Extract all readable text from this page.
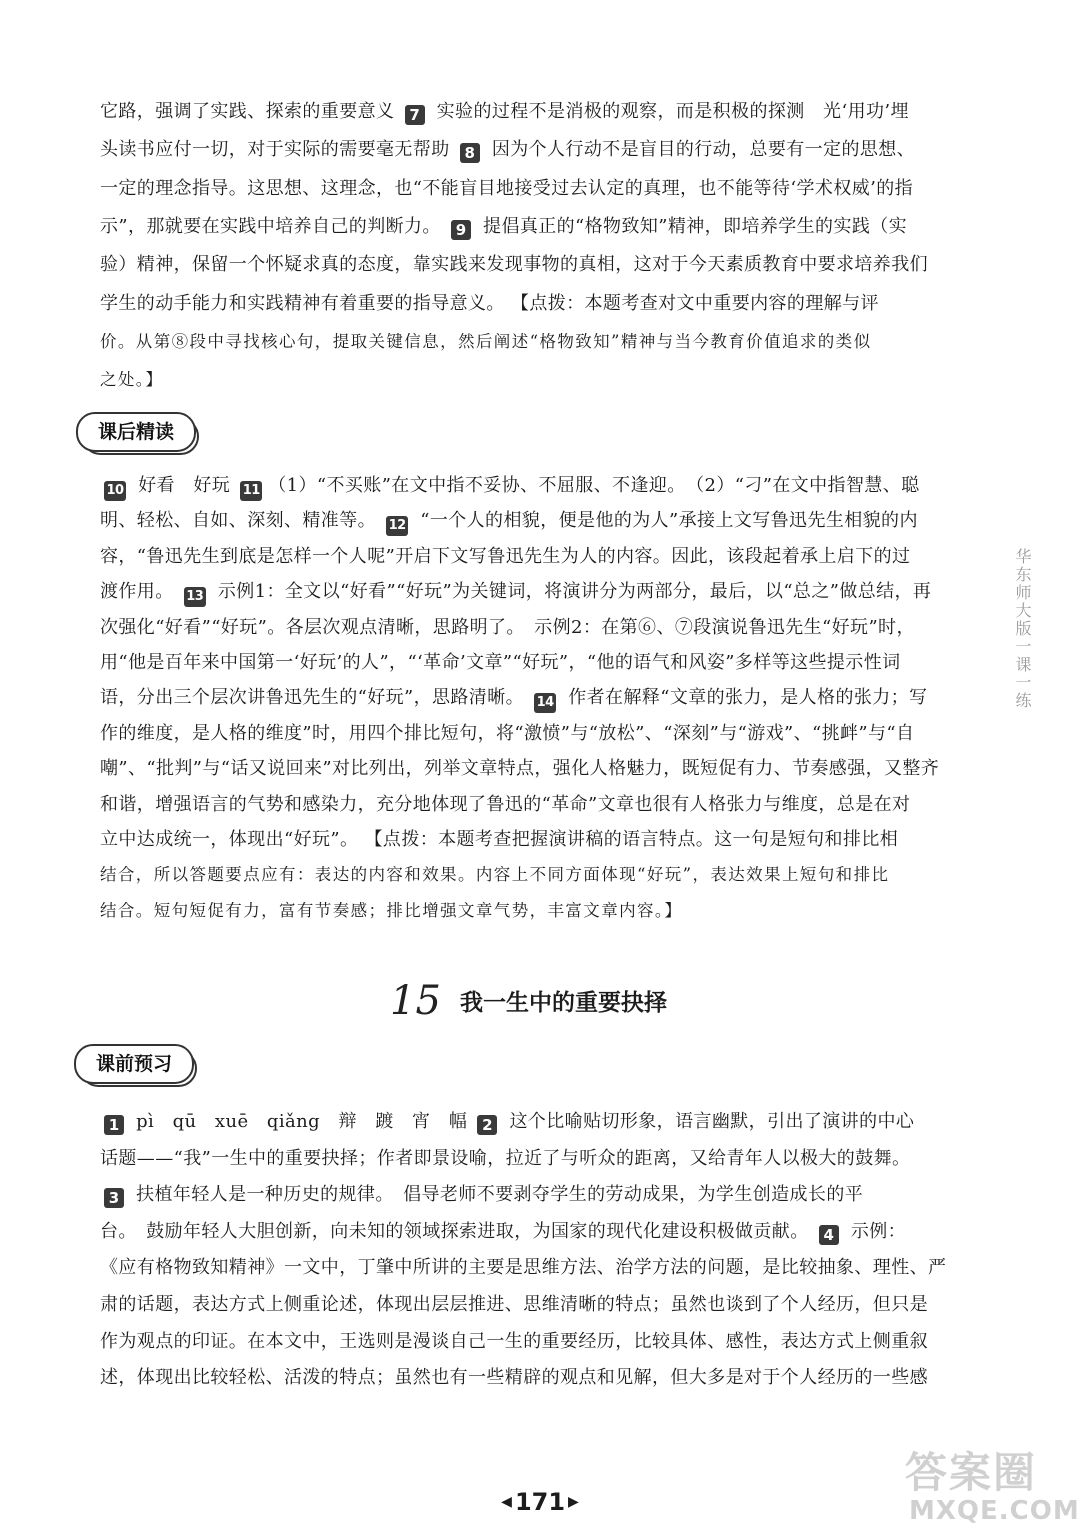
它路，强调了实践、探索的重要意义 7 实验的过程不是消极的观察，而是积极的探测　光‘用功’埋
头读书应付一切，对于实际的需要毫无帮助 8 因为个人行动不是盲目的行动，总要有一定的思想、
一定的理念指导。这思想、这理念，也“不能盲目地接受过去认定的真理，也不能等待‘学术权威’的指
示”，那就要在实践中培养自己的判断力。 9 提倡真正的“格物致知”精神，即培养学生的实践（实
验）精神，保留一个怀疑求真的态度，靠实践来发现事物的真相，这对于今天素质教育中要求培养我们
学生的动手能力和实践精神有着重要的指导意义。 【点拨：本题考查对文中重要内容的理解与评
价。从第⑧段中寻找核心句，提取关键信息，然后阐述“格物致知”精神与当今教育价值追求的类似
之处。】
课后精读
10 好看　好玩 11 （1）“不买账”在文中指不妥协、不屈服、不逢迎。　（2）“刁”在文中指智慧、聪
明、轻松、自如、深刻、精准等。 12 “一个人的相貌，便是他的为人”承接上文写鲁迅先生相貌的内
容，“鲁迅先生到底是怎样一个人呢”开启下文写鲁迅先生为人的内容。因此，该段起着承上启下的过
渡作用。 13 示例1：全文以“好看”“好玩”为关键词，将演讲分为两部分，最后，以“总之”做总结，再
次强化“好看”“好玩”。各层次观点清晰，思路明了。　示例2：在第⑥、⑦段演说鲁迅先生“好玩”时，
用“他是百年来中国第一‘好玩’的人”，“‘革命’文章”“好玩”，“他的语气和风姿”多样等这些提示性词
语，分出三个层次讲鲁迅先生的“好玩”，思路清晰。 14 作者在解释“文章的张力，是人格的张力；写
作的维度，是人格的维度”时，用四个排比短句，将“激愤”与“放松”、“深刻”与“游戏”、“挑衅”与“自
嘲”、“批判”与“话又说回来”对比列出，列举文章特点，强化人格魅力，既短促有力、节奏感强，又整齐
和谐，增强语言的气势和感染力，充分地体现了鲁迅的“革命”文章也很有人格张力与维度，总是在对
立中达成统一，体现出“好玩”。 【点拨：本题考查把握演讲稿的语言特点。这一句是短句和排比相
结合，所以答题要点应有：表达的内容和效果。内容上不同方面体现“好玩”，表达效果上短句和排比
结合。短句短促有力，富有节奏感；排比增强文章气势，丰富文章内容。】
15 我一生中的重要抉择
课前预习
1 pì　qū　xuē　qiǎng　辩　踱　宵　幅 2 这个比喻贴切形象，语言幽默，引出了演讲的中心
话题——“我”一生中的重要抉择；作者即景设喻，拉近了与听众的距离，又给青年人以极大的鼓舞。
3 扶植年轻人是一种历史的规律。　倡导老师不要剥夺学生的劳动成果，为学生创造成长的平
台。　鼓励年轻人大胆创新，向未知的领域探索进取，为国家的现代化建设积极做贡献。 4 示例：
《应有格物致知精神》一文中，丁肇中所讲的主要是思维方法、治学方法的问题，是比较抽象、理性、严
肃的话题，表达方式上侧重论述，体现出层层推进、思维清晰的特点；虽然也谈到了个人经历，但只是
作为观点的印证。在本文中，王选则是漫谈自己一生的重要经历，比较具体、感性，表达方式上侧重叙
述，体现出比较轻松、活泼的特点；虽然也有一些精辟的观点和见解，但大多是对于个人经历的一些感
华东师大版一课一练
◀ 171 ▶
答案圈
MXQE.COM
